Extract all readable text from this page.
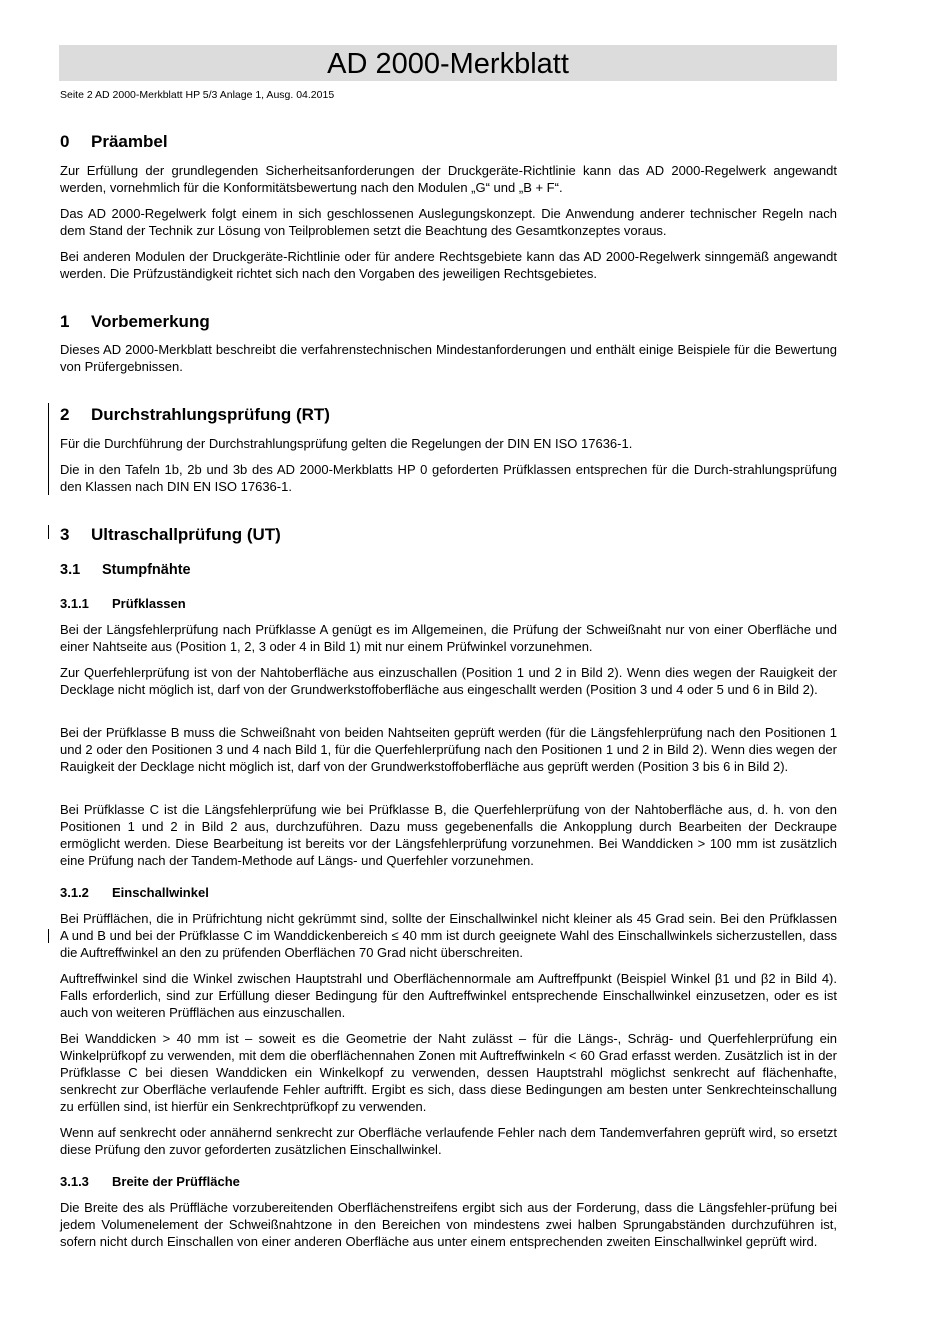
AD 2000-Merkblatt
Seite 2 AD 2000-Merkblatt HP 5/3 Anlage 1, Ausg. 04.2015
0 Präambel
Zur Erfüllung der grundlegenden Sicherheitsanforderungen der Druckgeräte-Richtlinie kann das AD 2000-Regelwerk angewandt werden, vornehmlich für die Konformitätsbewertung nach den Modulen „G“ und „B + F“.
Das AD 2000-Regelwerk folgt einem in sich geschlossenen Auslegungskonzept. Die Anwendung anderer technischer Regeln nach dem Stand der Technik zur Lösung von Teilproblemen setzt die Beachtung des Gesamtkonzeptes voraus.
Bei anderen Modulen der Druckgeräte-Richtlinie oder für andere Rechtsgebiete kann das AD 2000-Regelwerk sinngemäß angewandt werden. Die Prüfzuständigkeit richtet sich nach den Vorgaben des jeweiligen Rechtsgebietes.
1 Vorbemerkung
Dieses AD 2000-Merkblatt beschreibt die verfahrenstechnischen Mindestanforderungen und enthält einige Beispiele für die Bewertung von Prüfergebnissen.
2 Durchstrahlungsprüfung (RT)
Für die Durchführung der Durchstrahlungsprüfung gelten die Regelungen der DIN EN ISO 17636-1.
Die in den Tafeln 1b, 2b und 3b des AD 2000-Merkblatts HP 0 geforderten Prüfklassen entsprechen für die Durch-strahlungsprüfung den Klassen nach DIN EN ISO 17636-1.
3 Ultraschallprüfung (UT)
3.1 Stumpfnähte
3.1.1 Prüfklassen
Bei der Längsfehlerprüfung nach Prüfklasse A genügt es im Allgemeinen, die Prüfung der Schweißnaht nur von einer Oberfläche und einer Nahtseite aus (Position 1, 2, 3 oder 4 in Bild 1) mit nur einem Prüfwinkel vorzunehmen.
Zur Querfehlerprüfung ist von der Nahtoberfläche aus einzuschallen (Position 1 und 2 in Bild 2). Wenn dies wegen der Rauigkeit der Decklage nicht möglich ist, darf von der Grundwerkstoffoberfläche aus eingeschallt werden (Position 3 und 4 oder 5 und 6 in Bild 2).
Bei der Prüfklasse B muss die Schweißnaht von beiden Nahtseiten geprüft werden (für die Längsfehlerprüfung nach den Positionen 1 und 2 oder den Positionen 3 und 4 nach Bild 1, für die Querfehlerprüfung nach den Positionen 1 und 2 in Bild 2). Wenn dies wegen der Rauigkeit der Decklage nicht möglich ist, darf von der Grundwerkstoffoberfläche aus geprüft werden (Position 3 bis 6 in Bild 2).
Bei Prüfklasse C ist die Längsfehlerprüfung wie bei Prüfklasse B, die Querfehlerprüfung von der Nahtoberfläche aus, d. h. von den Positionen 1 und 2 in Bild 2 aus, durchzuführen. Dazu muss gegebenenfalls die Ankopplung durch Bearbeiten der Deckraupe ermöglicht werden. Diese Bearbeitung ist bereits vor der Längsfehlerprüfung vorzunehmen. Bei Wanddicken > 100 mm ist zusätzlich eine Prüfung nach der Tandem-Methode auf Längs- und Querfehler vorzunehmen.
3.1.2 Einschallwinkel
Bei Prüfflächen, die in Prüfrichtung nicht gekrümmt sind, sollte der Einschallwinkel nicht kleiner als 45 Grad sein. Bei den Prüfklassen A und B und bei der Prüfklasse C im Wanddickenbereich ≤ 40 mm ist durch geeignete Wahl des Einschallwinkels sicherzustellen, dass die Auftreffwinkel an den zu prüfenden Oberflächen 70 Grad nicht überschreiten.
Auftreffwinkel sind die Winkel zwischen Hauptstrahl und Oberflächennormale am Auftreffpunkt (Beispiel Winkel β1 und β2 in Bild 4). Falls erforderlich, sind zur Erfüllung dieser Bedingung für den Auftreffwinkel entsprechende Einschallwinkel einzusetzen, oder es ist auch von weiteren Prüfflächen aus einzuschallen.
Bei Wanddicken > 40 mm ist – soweit es die Geometrie der Naht zulässt – für die Längs-, Schräg- und Querfehlerprüfung ein Winkelprüfkopf zu verwenden, mit dem die oberflächennahen Zonen mit Auftreffwinkeln < 60 Grad erfasst werden. Zusätzlich ist in der Prüfklasse C bei diesen Wanddicken ein Winkelkopf zu verwenden, dessen Hauptstrahl möglichst senkrecht auf flächenhafte, senkrecht zur Oberfläche verlaufende Fehler auftrifft. Ergibt es sich, dass diese Bedingungen am besten unter Senkrechteinschallung zu erfüllen sind, ist hierfür ein Senkrechtprüfkopf zu verwenden.
Wenn auf senkrecht oder annähernd senkrecht zur Oberfläche verlaufende Fehler nach dem Tandemverfahren geprüft wird, so ersetzt diese Prüfung den zuvor geforderten zusätzlichen Einschallwinkel.
3.1.3 Breite der Prüffläche
Die Breite des als Prüffläche vorzubereitenden Oberflächenstreifens ergibt sich aus der Forderung, dass die Längsfehler-prüfung bei jedem Volumenelement der Schweißnahtzone in den Bereichen von mindestens zwei halben Sprungabständen durchzuführen ist, sofern nicht durch Einschallen von einer anderen Oberfläche aus unter einem entsprechenden zweiten Einschallwinkel geprüft wird.
